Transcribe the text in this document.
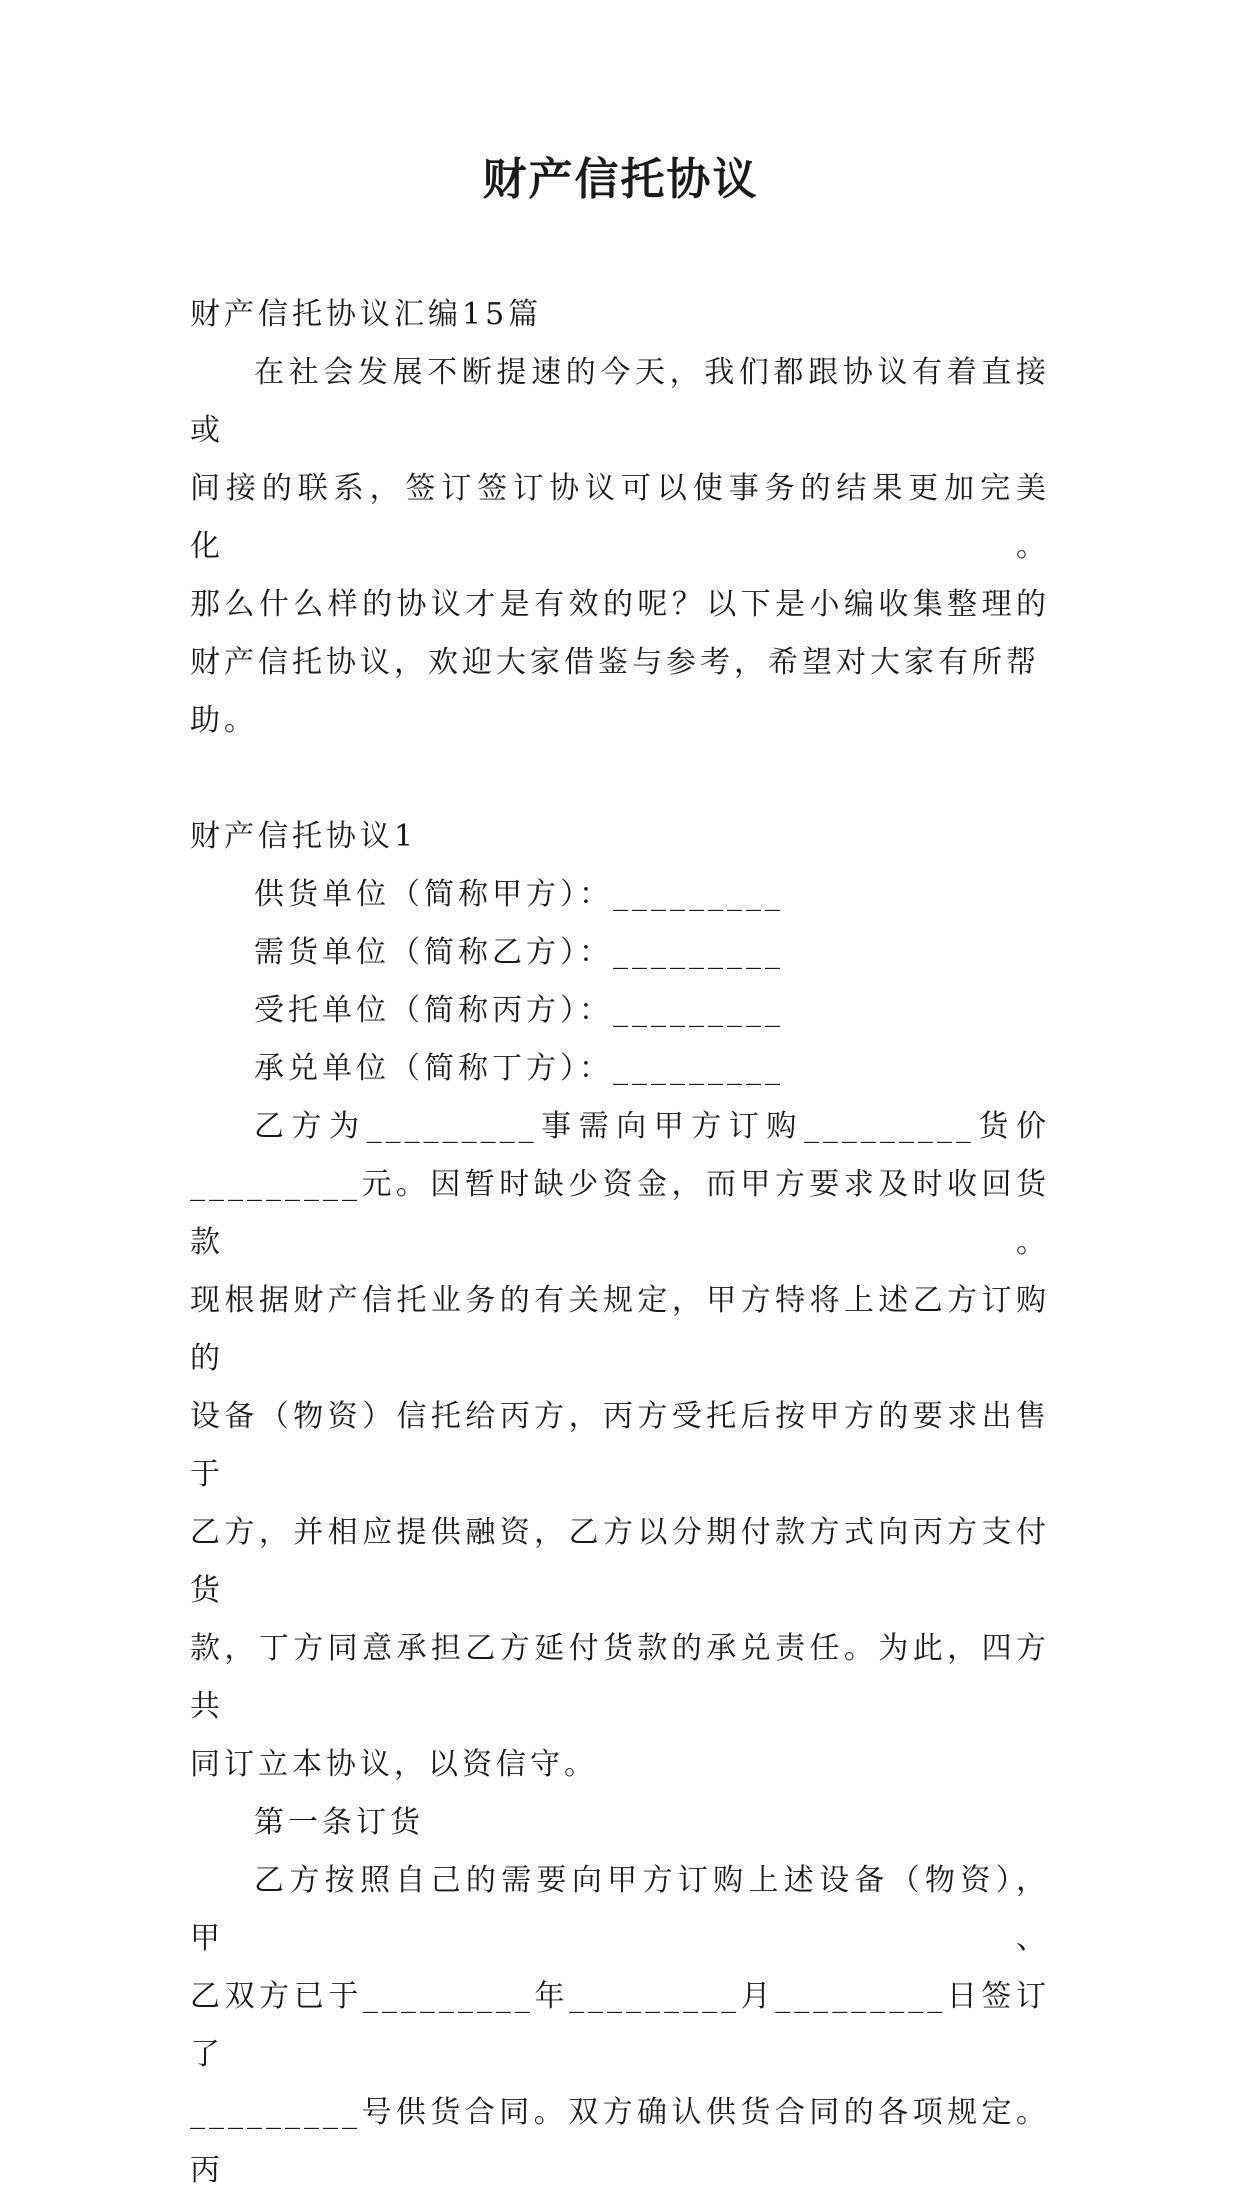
财产信托协议

财产信托协议汇编15篇

在社会发展不断提速的今天，我们都跟协议有着直接或

间接的联系，签订签订协议可以使事务的结果更加完美化。

那么什么样的协议才是有效的呢？以下是小编收集整理的

财产信托协议，欢迎大家借鉴与参考，希望对大家有所帮助。

财产信托协议1

供货单位（简称甲方）：_________

需货单位（简称乙方）：_________

受托单位（简称丙方）：_________

承兑单位（简称丁方）：_________

乙方为_________事需向甲方订购_________货价

_________元。因暂时缺少资金，而甲方要求及时收回货款。

现根据财产信托业务的有关规定，甲方特将上述乙方订购的

设备（物资）信托给丙方，丙方受托后按甲方的要求出售于

乙方，并相应提供融资，乙方以分期付款方式向丙方支付货

款，丁方同意承担乙方延付货款的承兑责任。为此，四方共

同订立本协议，以资信守。

第一条订货

乙方按照自己的需要向甲方订购上述设备（物资），甲、

乙双方已于_________年_________月_________日签订了

_________号供货合同。双方确认供货合同的各项规定。丙
